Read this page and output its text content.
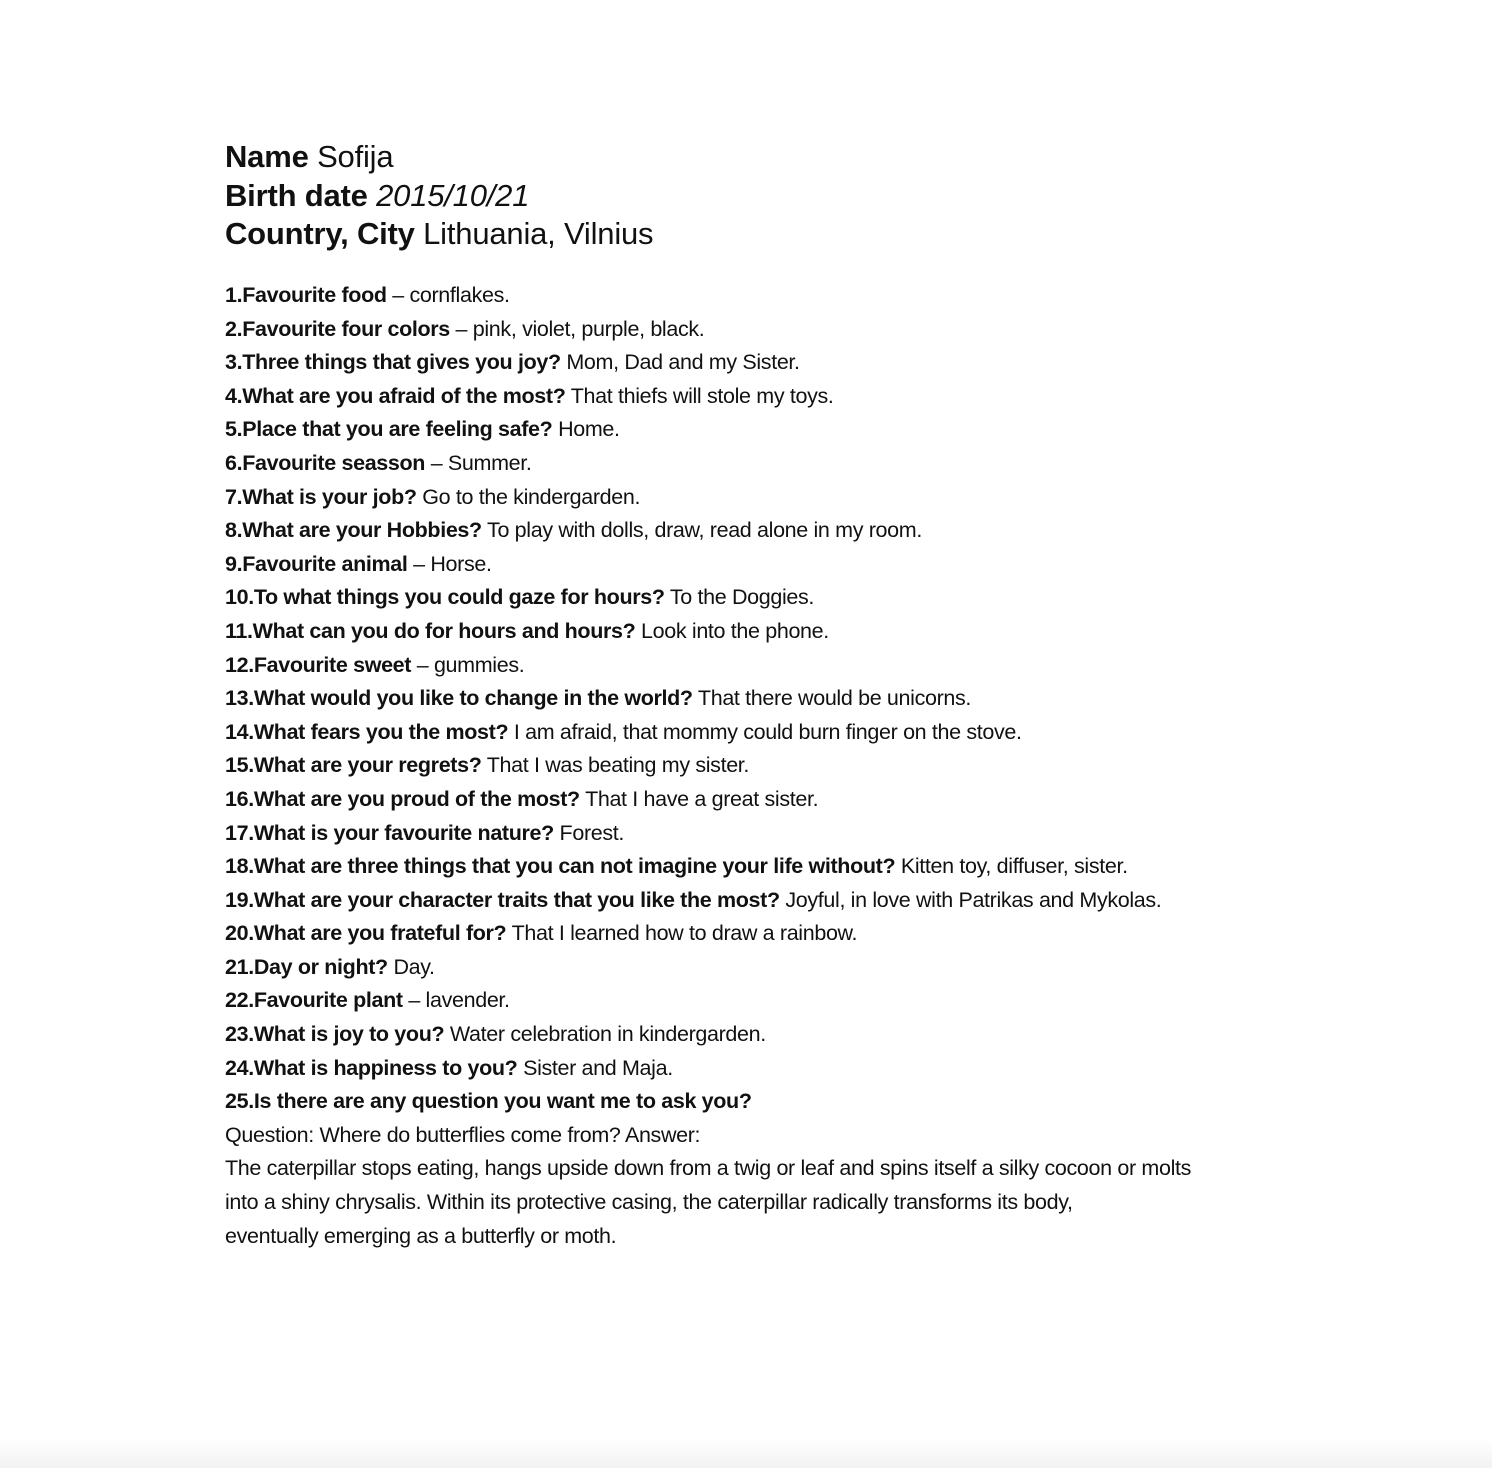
Name Sofija
Birth date 2015/10/21
Country, City Lithuania, Vilnius
1.Favourite food – cornflakes.
2.Favourite four colors – pink, violet, purple, black.
3.Three things that gives you joy? Mom, Dad and my Sister.
4.What are you afraid of the most? That thiefs will stole my toys.
5.Place that you are feeling safe? Home.
6.Favourite seasson – Summer.
7.What is your job? Go to the kindergarden.
8.What are your Hobbies? To play with dolls, draw, read alone in my room.
9.Favourite animal – Horse.
10.To what things you could gaze for hours? To the Doggies.
11.What can you do for hours and hours? Look into the phone.
12.Favourite sweet – gummies.
13.What would you like to change in the world? That there would be unicorns.
14.What fears you the most? I am afraid, that mommy could burn finger on the stove.
15.What are your regrets? That I was beating my sister.
16.What are you proud of the most? That I have a great sister.
17.What is your favourite nature? Forest.
18.What are three things that you can not imagine your life without? Kitten toy, diffuser, sister.
19.What are your character traits that you like the most? Joyful, in love with Patrikas and Mykolas.
20.What are you frateful for? That I learned how to draw a rainbow.
21.Day or night? Day.
22.Favourite plant – lavender.
23.What is joy to you? Water celebration in kindergarden.
24.What is happiness to you? Sister and Maja.
25.Is there are any question you want me to ask you?
Question: Where do butterflies come from? Answer:
The caterpillar stops eating, hangs upside down from a twig or leaf and spins itself a silky cocoon or molts
into a shiny chrysalis. Within its protective casing, the caterpillar radically transforms its body,
eventually emerging as a butterfly or moth.
